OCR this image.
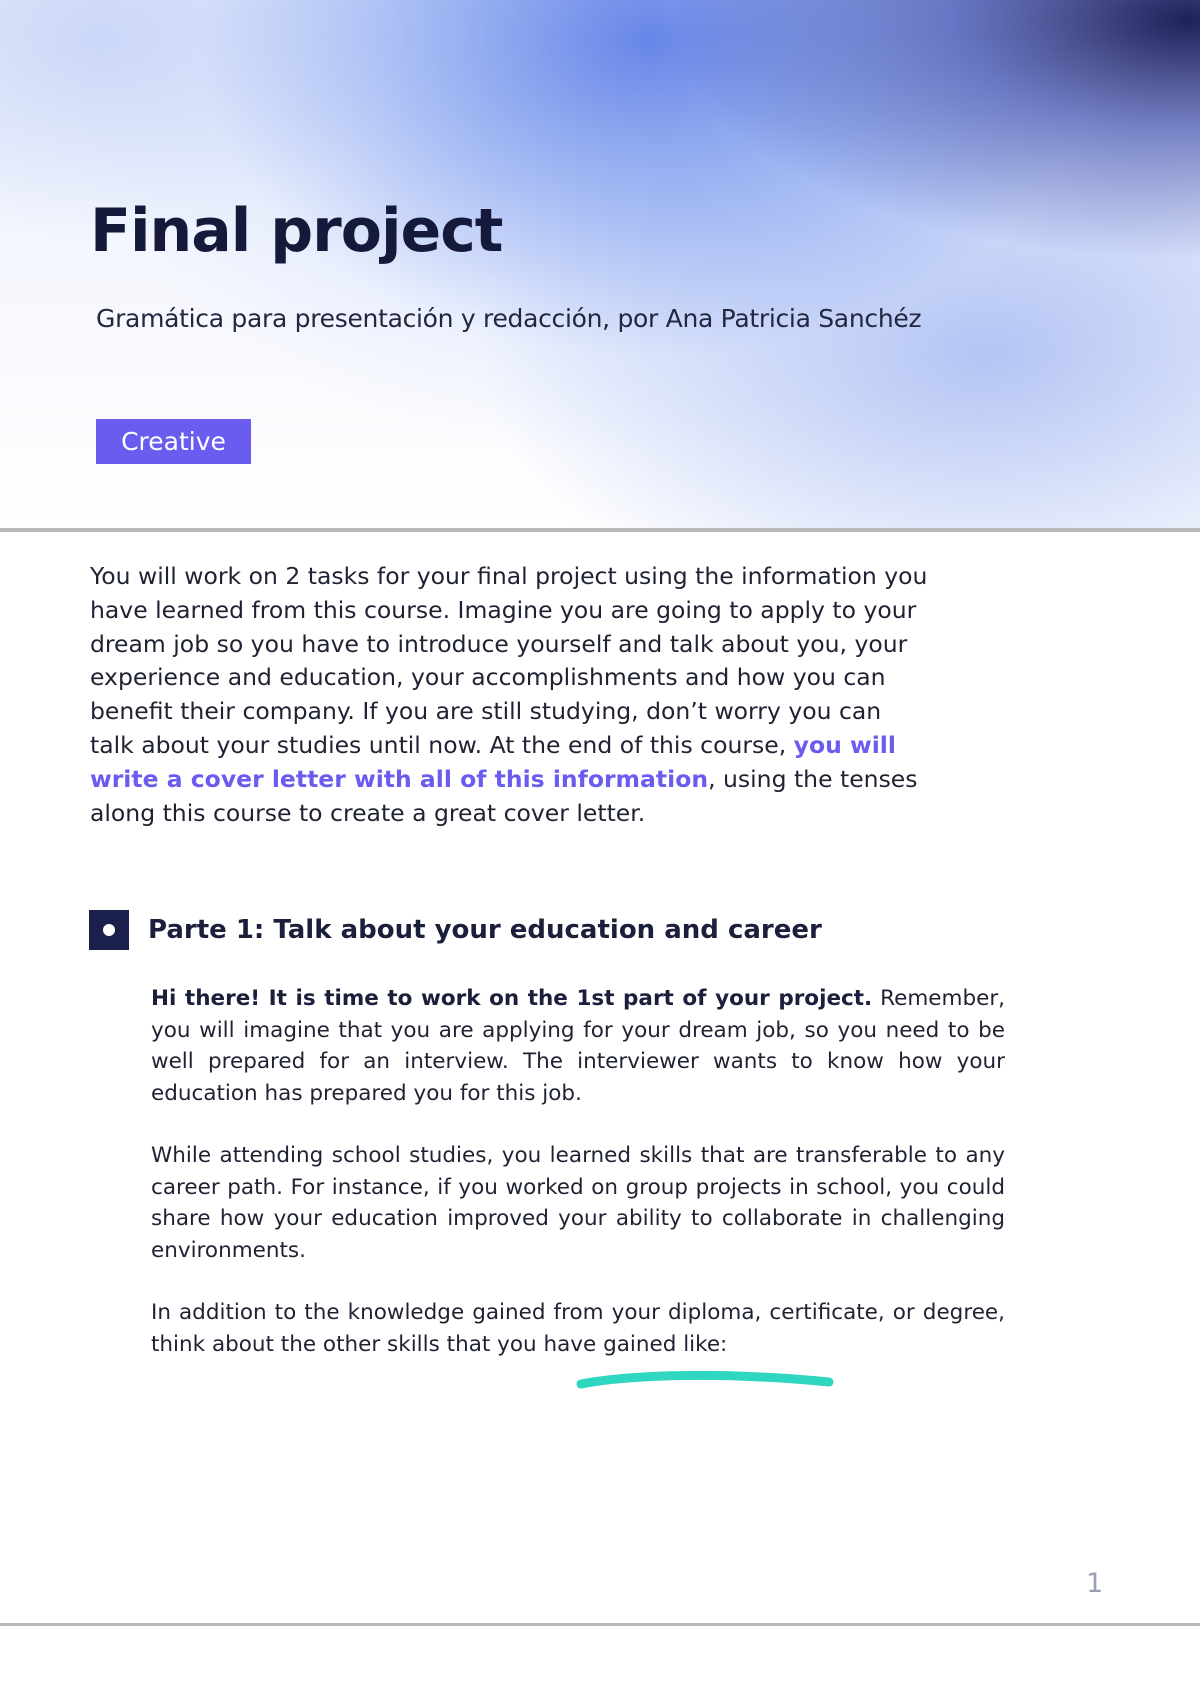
Final project

Gramática para presentación y redacción, por Ana Patricia Sanchéz

Creative

You will work on 2 tasks for your final project using the information you have learned from this course. Imagine you are going to apply to your dream job so you have to introduce yourself and talk about you, your experience and education, your accomplishments and how you can benefit their company. If you are still studying, don’t worry you can talk about your studies until now. At the end of this course, you will write a cover letter with all of this information, using the tenses along this course to create a great cover letter.

Parte 1: Talk about your education and career

Hi there! It is time to work on the 1st part of your project. Remember, you will imagine that you are applying for your dream job, so you need to be well prepared for an interview. The interviewer wants to know how your education has prepared you for this job.

While attending school studies, you learned skills that are transferable to any career path. For instance, if you worked on group projects in school, you could share how your education improved your ability to collaborate in challenging environments.

In addition to the knowledge gained from your diploma, certificate, or degree, think about the other skills that you have gained like:

1
